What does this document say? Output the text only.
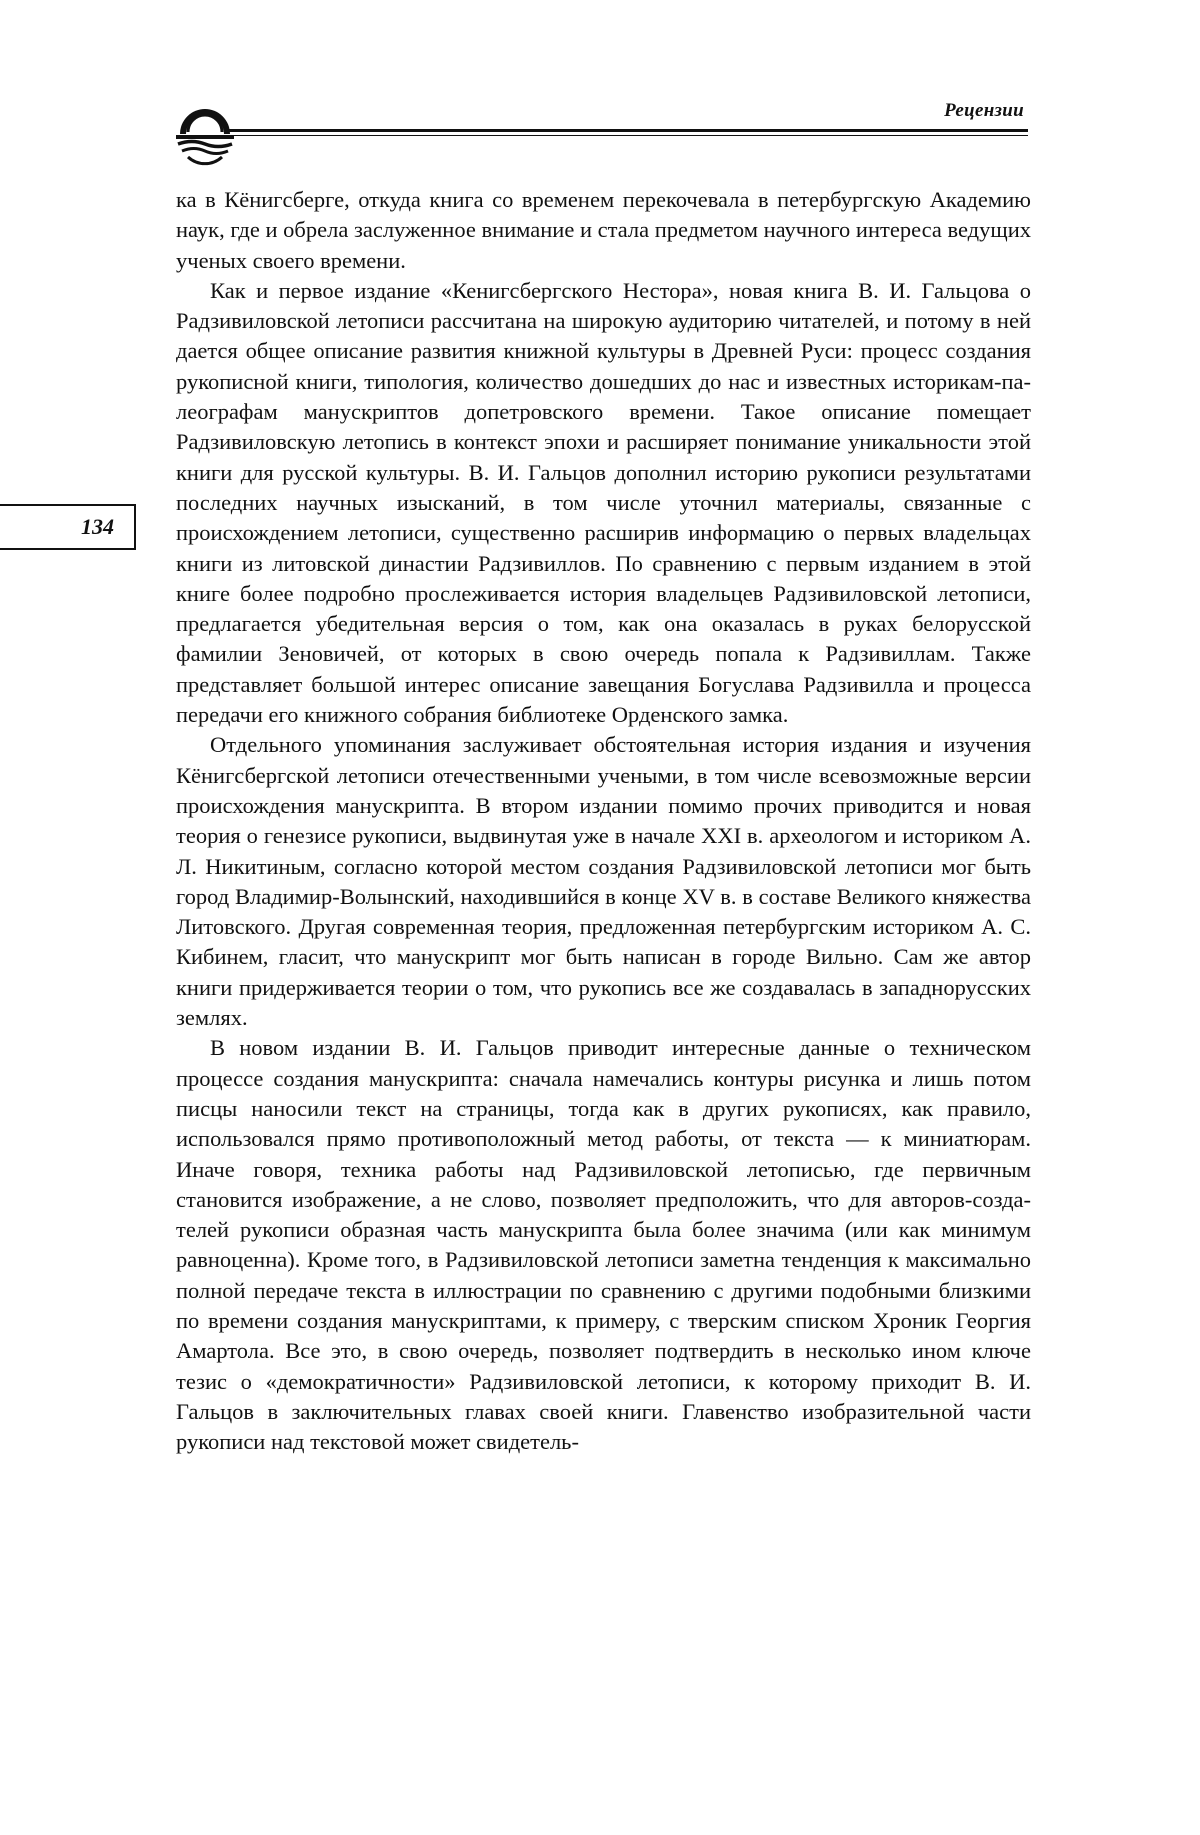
Рецензии
134

ка в Кёнигсберге, откуда книга со временем перекочевала в петербургскую Академию наук, где и обрела заслуженное внимание и стала предметом научного интереса ведущих ученых своего времени.

Как и первое издание «Кенигсбергского Нестора», новая книга В. И. Гальцова о Радзивиловской летописи рассчитана на широкую аудиторию читателей, и потому в ней дается общее описание развития книжной культуры в Древней Руси: процесс создания рукописной книги, типология, количество дошедших до нас и известных историкам-палеографам манускриптов допетровского времени. Такое описание помещает Радзивиловскую летопись в контекст эпохи и расширяет понимание уникальности этой книги для русской культуры. В. И. Гальцов дополнил историю рукописи результатами последних научных изысканий, в том числе уточнил материалы, связанные с происхождением летописи, существенно расширив информацию о первых владельцах книги из литовской династии Радзивиллов. По сравнению с первым изданием в этой книге более подробно прослеживается история владельцев Радзивиловской летописи, предлагается убедительная версия о том, как она оказалась в руках белорусской фамилии Зеновичей, от которых в свою очередь попала к Радзивиллам. Также представляет большой интерес описание завещания Богуслава Радзивилла и процесса передачи его книжного собрания библиотеке Орденского замка.

Отдельного упоминания заслуживает обстоятельная история издания и изучения Кёнигсбергской летописи отечественными учеными, в том числе всевозможные версии происхождения манускрипта. В втором издании помимо прочих приводится и новая теория о генезисе рукописи, выдвинутая уже в начале XXI в. археологом и историком А. Л. Никитиным, согласно которой местом создания Радзивиловской летописи мог быть город Владимир-Волынский, находившийся в конце XV в. в составе Великого княжества Литовского. Другая современная теория, предложенная петербургским историком А. С. Кибинем, гласит, что манускрипт мог быть написан в городе Вильно. Сам же автор книги придерживается теории о том, что рукопись все же создавалась в западнорусских землях.

В новом издании В. И. Гальцов приводит интересные данные о техническом процессе создания манускрипта: сначала намечались контуры рисунка и лишь потом писцы наносили текст на страницы, тогда как в других рукописях, как правило, использовался прямо противоположный метод работы, от текста — к миниатюрам. Иначе говоря, техника работы над Радзивиловской летописью, где первичным становится изображение, а не слово, позволяет предположить, что для авторов-создателей рукописи образная часть манускрипта была более значима (или как минимум равноценна). Кроме того, в Радзивиловской летописи заметна тенденция к максимально полной передаче текста в иллюстрации по сравнению с другими подобными близкими по времени создания манускриптами, к примеру, с тверским списком Хроник Георгия Амартола. Все это, в свою очередь, позволяет подтвердить в несколько ином ключе тезис о «демократичности» Радзивиловской летописи, к которому приходит В. И. Гальцов в заключительных главах своей книги. Главенство изобразительной части рукописи над текстовой может свидетель-
